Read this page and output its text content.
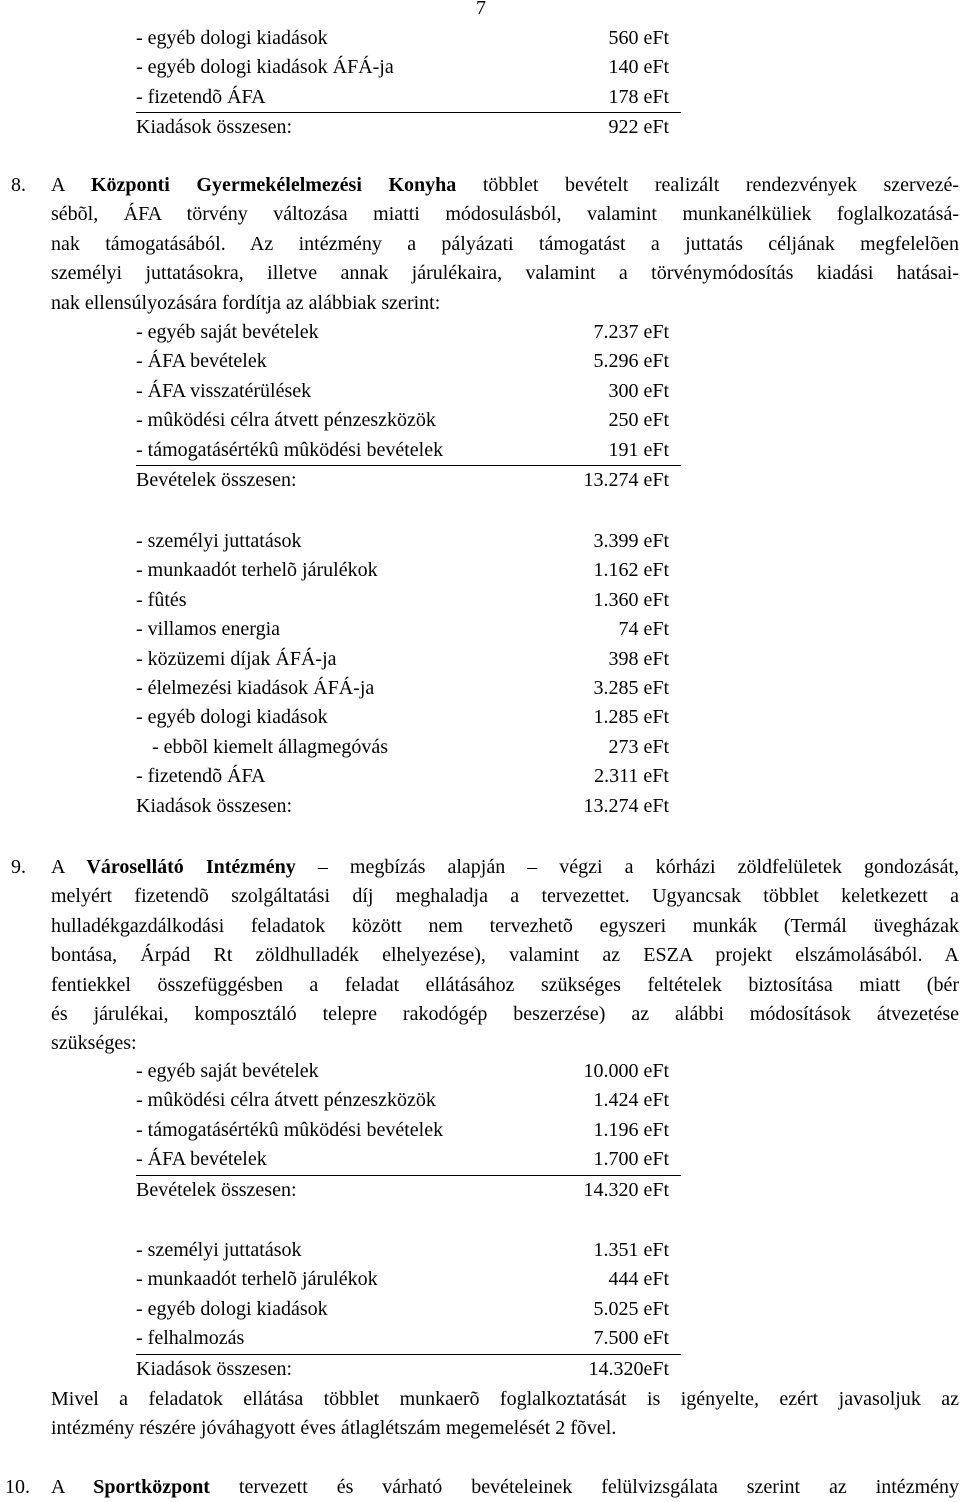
7
- egyéb dologi kiadások	560 eFt
- egyéb dologi kiadások ÁFÁ-ja	140 eFt
- fizetendõ ÁFA	178 eFt
Kiadások összesen:	922 eFt
8. A Központi Gyermekélelmezési Konyha többlet bevételt realizált rendezvények szervezé-
sébõl, ÁFA törvény változása miatti módosulásból, valamint munkanélküliek foglalkozatásá-
nak támogatásából. Az intézmény a pályázati támogatást a juttatás céljának megfelelõen
személyi juttatásokra, illetve annak járulékaira, valamint a törvénymódosítás kiadási hatásai-
nak ellensúlyozására fordítja az alábbiak szerint:
- egyéb saját bevételek	7.237 eFt
- ÁFA bevételek	5.296 eFt
- ÁFA visszatérülések	300 eFt
- mûködési célra átvett pénzeszközök	250 eFt
- támogatásértékû mûködési bevételek	191 eFt
Bevételek összesen:	13.274 eFt
- személyi juttatások	3.399 eFt
- munkaadót terhelõ járulékok	1.162 eFt
- fûtés	1.360 eFt
- villamos energia	74 eFt
- közüzemi díjak ÁFÁ-ja	398 eFt
- élelmezési kiadások ÁFÁ-ja	3.285 eFt
- egyéb dologi kiadások	1.285 eFt
- ebbõl kiemelt állagmegóvás	273 eFt
- fizetendõ ÁFA	2.311 eFt
Kiadások összesen:	13.274 eFt
9. A Városellátó Intézmény – megbízás alapján – végzi a kórházi zöldfelületek gondozását,
melyért fizetendõ szolgáltatási díj meghaladja a tervezettet. Ugyancsak többlet keletkezett a
hulladékgazdálkodási feladatok között nem tervezhetõ egyszeri munkák (Termál üvegházak
bontása, Árpád Rt zöldhulladék elhelyezése), valamint az ESZA projekt elszámolásából. A
fentiekkel összefüggésben a feladat ellátásához szükséges feltételek biztosítása miatt (bér
és járulékai, komposztáló telepre rakodógép beszerzése) az alábbi módosítások átvezetése
szükséges:
- egyéb saját bevételek	10.000 eFt
- mûködési célra átvett pénzeszközök	1.424 eFt
- támogatásértékû mûködési bevételek	1.196 eFt
- ÁFA bevételek	1.700 eFt
Bevételek összesen:	14.320 eFt
- személyi juttatások	1.351 eFt
- munkaadót terhelõ járulékok	444 eFt
- egyéb dologi kiadások	5.025 eFt
- felhalmozás	7.500 eFt
Kiadások összesen:	14.320eFt
Mivel a feladatok ellátása többlet munkaerõ foglalkoztatását is igényelte, ezért javasoljuk az
intézmény részére jóváhagyott éves átlaglétszám megemelését 2 fõvel.
10. A Sportközpont tervezett és várható bevételeinek felülvizsgálata szerint az intézmény
